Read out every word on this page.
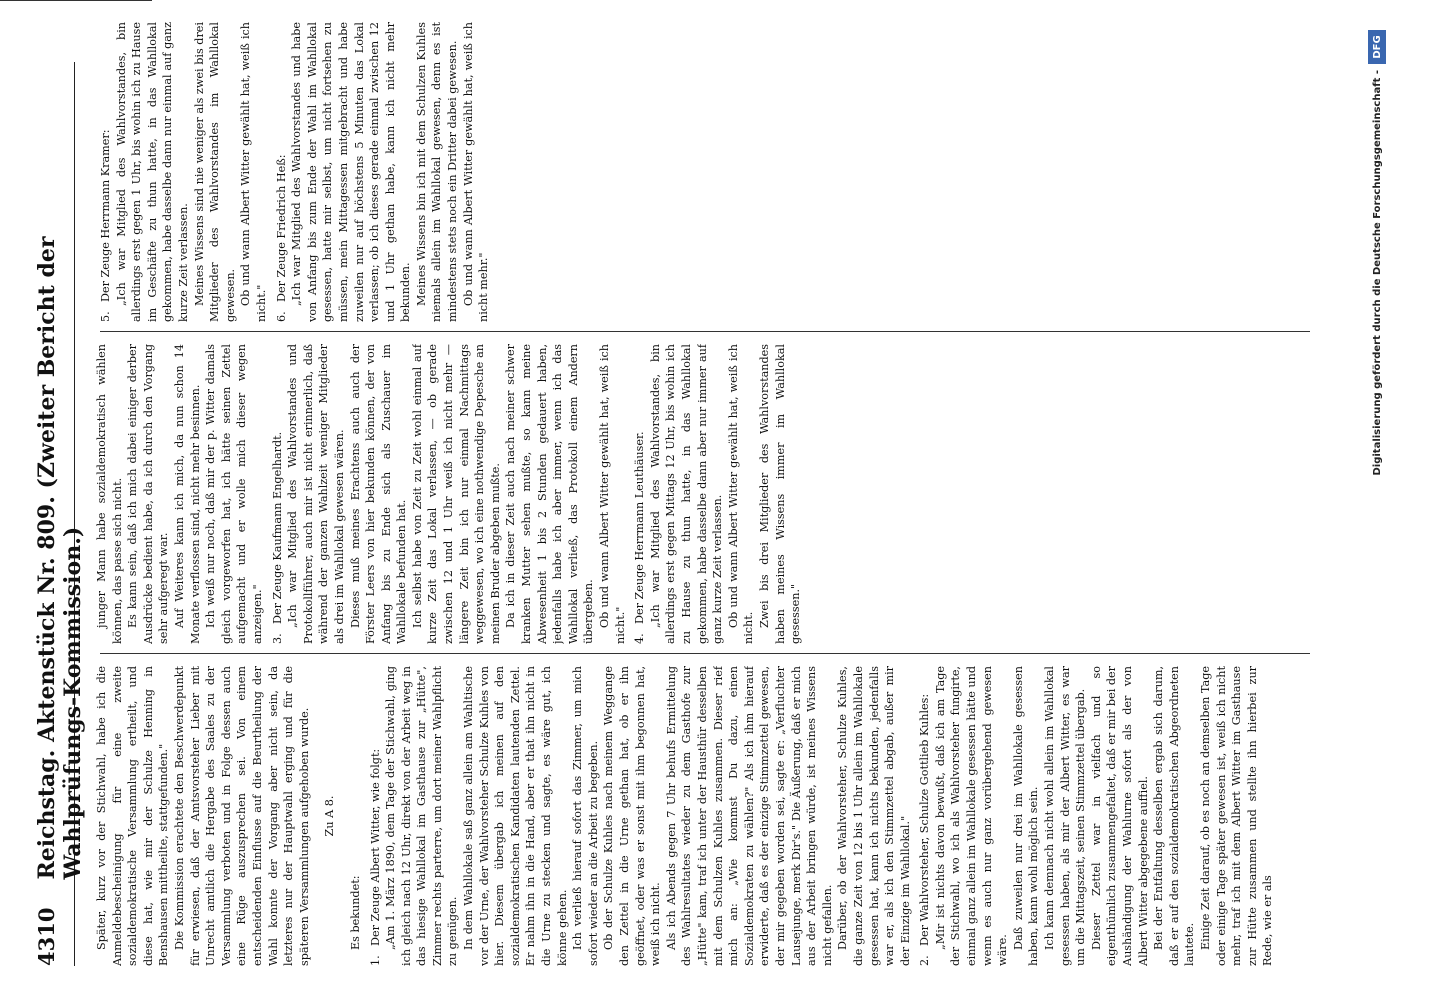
4310
Reichstag. Aktenstück Nr. 809. (Zweiter Bericht der Wahlprüfungs-Kommission.) Später, kurz vor der Stichwahl, habe ich die Anmeldebescheinigung für eine zweite sozialdemokratische Versammlung ertheilt, und diese hat, wie mir der Schulze Henning in Benshausen mittheilte, stattgefunden." Die Kommission erachtete den Beschwerdepunkt für erwiesen, daß der Amtsvorsteher Lieber mit Unrecht amtlich die Hergabe des Saales zu der Versammlung verboten und in Folge dessen auch eine Rüge auszusprechen sei. Von einem entscheidenden Einflusse auf die Beurtheilung der Wahl konnte der Vorgang aber nicht sein, da letzteres nur der Hauptwahl erging und für die späteren Versammlungen aufgehoben wurde. Zu A 8.

Es bekundet:

1.Der Zeuge Albert Witter, wie folgt: „Am 1. März 1890, dem Tage der Stichwahl, ging ich gleich nach 12 Uhr, direkt von der Arbeit weg in das hiesige Wahllokal im Gasthause zur „Hütte", Zimmer rechts parterre, um dort meiner Wahlpflicht zu genügen. In dem Wahllokale saß ganz allein am Wahltische vor der Urne, der Wahlvorsteher Schulze Kuhles von hier. Diesem übergab ich meinen auf den sozialdemokratischen Kandidaten lautenden Zettel. Er nahm ihn in die Hand, aber er that ihn nicht in die Urne zu stecken und sagte, es wäre gut, ich könne gehen. Ich verließ hierauf sofort das Zimmer, um mich sofort wieder an die Arbeit zu begeben. Ob der Schulze Kuhles nach meinem Weggange den Zettel in die Urne gethan hat, ob er ihn geöffnet, oder was er sonst mit ihm begonnen hat, weiß ich nicht. Als ich Abends gegen 7 Uhr behufs Ermittelung des Wahlresultates wieder zu dem Gasthofe zur „Hütte" kam, traf ich unter der Hausthür desselben mit dem Schulzen Kuhles zusammen. Dieser rief mich an: „Wie kommst Du dazu, einen Sozialdemokraten zu wählen?" Als ich ihm hierauf erwiderte, daß es der einzige Stimmzettel gewesen, der mir gegeben worden sei, sagte er: „Verfluchter Lausejunge, merk Dir's." Die Äußerung, daß er mich aus der Arbeit bringen würde, ist meines Wissens nicht gefallen. Darüber, ob der Wahlvorsteher, Schulze Kuhles, die ganze Zeit von 12 bis 1 Uhr allein im Wahllokale gesessen hat, kann ich nichts bekunden, jedenfalls war er, als ich den Stimmzettel abgab, außer mir der Einzige im Wahllokal." 2.Der Wahlvorsteher, Schulze Gottlieb Kuhles: „Mir ist nichts davon bewußt, daß ich am Tage der Stichwahl, wo ich als Wahlvorsteher fungirte, einmal ganz allein im Wahllokale gesessen hätte und wenn es auch nur ganz vorübergehend gewesen wäre.

Daß zuweilen nur drei im Wahllokale gesessen haben, kann wohl möglich sein. Ich kann demnach nicht wohl allein im Wahllokal gesessen haben, als mir der Albert Witter, es war um die Mittagszeit, seinen Stimmzettel übergab. Dieser Zettel war in vielfach und so eigenthümlich zusammengefaltet, daß er mir bei der Aushändigung der Wahlurne sofort als der von Albert Witter abgegebene auffiel. Bei der Entfaltung desselben ergab sich darum, daß er auf den sozialdemokratischen Abgeordneten lautete. Einige Zeit darauf, ob es noch an demselben Tage oder einige Tage später gewesen ist, weiß ich nicht mehr, traf ich mit dem Albert Witter im Gasthause zur Hütte zusammen und stellte ihn hierbei zur Rede, wie er als

junger Mann habe sozialdemokratisch wählen können, das passe sich nicht. Es kann sein, daß ich mich dabei einiger derber Ausdrücke bedient habe, da ich durch den Vorgang sehr aufgeregt war. Auf Weiteres kann ich mich, da nun schon 14 Monate verflossen sind, nicht mehr besinnen. Ich weiß nur noch, daß mir der p. Witter damals gleich vorgeworfen hat, ich hätte seinen Zettel aufgemacht und er wolle mich dieser wegen anzeigen." 3.Der Zeuge Kaufmann Engelhardt. „Ich war Mitglied des Wahlvorstandes und Protokollführer, auch mir ist nicht erinnerlich, daß während der ganzen Wahlzeit weniger Mitglieder als drei im Wahllokal gewesen wären. Dieses muß meines Erachtens auch auch der Förster Leers von hier bekunden können, der von Anfang bis zu Ende sich als Zuschauer im Wahllokale befunden hat. Ich selbst habe von Zeit zu Zeit wohl einmal auf kurze Zeit das Lokal verlassen, — ob gerade zwischen 12 und 1 Uhr weiß ich nicht mehr — längere Zeit bin ich nur einmal Nachmittags weggewesen, wo ich eine nothwendige Depesche an meinen Bruder abgeben mußte. Da ich in dieser Zeit auch nach meiner schwer kranken Mutter sehen mußte, so kann meine Abwesenheit 1 bis 2 Stunden gedauert haben, jedenfalls habe ich aber immer, wenn ich das Wahllokal verließ, das Protokoll einem Andern übergeben. Ob und wann Albert Witter gewählt hat, weiß ich nicht." 4.Der Zeuge Herrmann Leuthäuser. „Ich war Mitglied des Wahlvorstandes, bin allerdings erst gegen Mittags 12 Uhr, bis wohin ich zu Hause zu thun hatte, in das Wahllokal gekommen, habe dasselbe dann aber nur immer auf ganz kurze Zeit verlassen. Ob und wann Albert Witter gewählt hat, weiß ich nicht. Zwei bis drei Mitglieder des Wahlvorstandes haben meines Wissens immer im Wahllokal gesessen."

5.Der Zeuge Herrmann Kramer: „Ich war Mitglied des Wahlvorstandes, bin allerdings erst gegen 1 Uhr, bis wohin ich zu Hause im Geschäfte zu thun hatte, in das Wahllokal gekommen, habe dasselbe dann nur einmal auf ganz kurze Zeit verlassen. Meines Wissens sind nie weniger als zwei bis drei Mitglieder des Wahlvorstandes im Wahllokal gewesen. Ob und wann Albert Witter gewählt hat, weiß ich nicht." 6.Der Zeuge Friedrich Heß: „Ich war Mitglied des Wahlvorstandes und habe von Anfang bis zum Ende der Wahl im Wahllokal gesessen, hatte mir selbst, um nicht fortsehen zu müssen, mein Mittagessen mitgebracht und habe zuweilen nur auf höchstens 5 Minuten das Lokal verlassen; ob ich dieses gerade einmal zwischen 12 und 1 Uhr gethan habe, kann ich nicht mehr bekunden. Meines Wissens bin ich mit dem Schulzen Kuhles niemals allein im Wahllokal gewesen, denn es ist mindestens stets noch ein Dritter dabei gewesen. Ob und wann Albert Witter gewählt hat, weiß ich nicht mehr."	Digitalisierung gefördert durch die Deutsche Forschungsgemeinschaft -
DFG
